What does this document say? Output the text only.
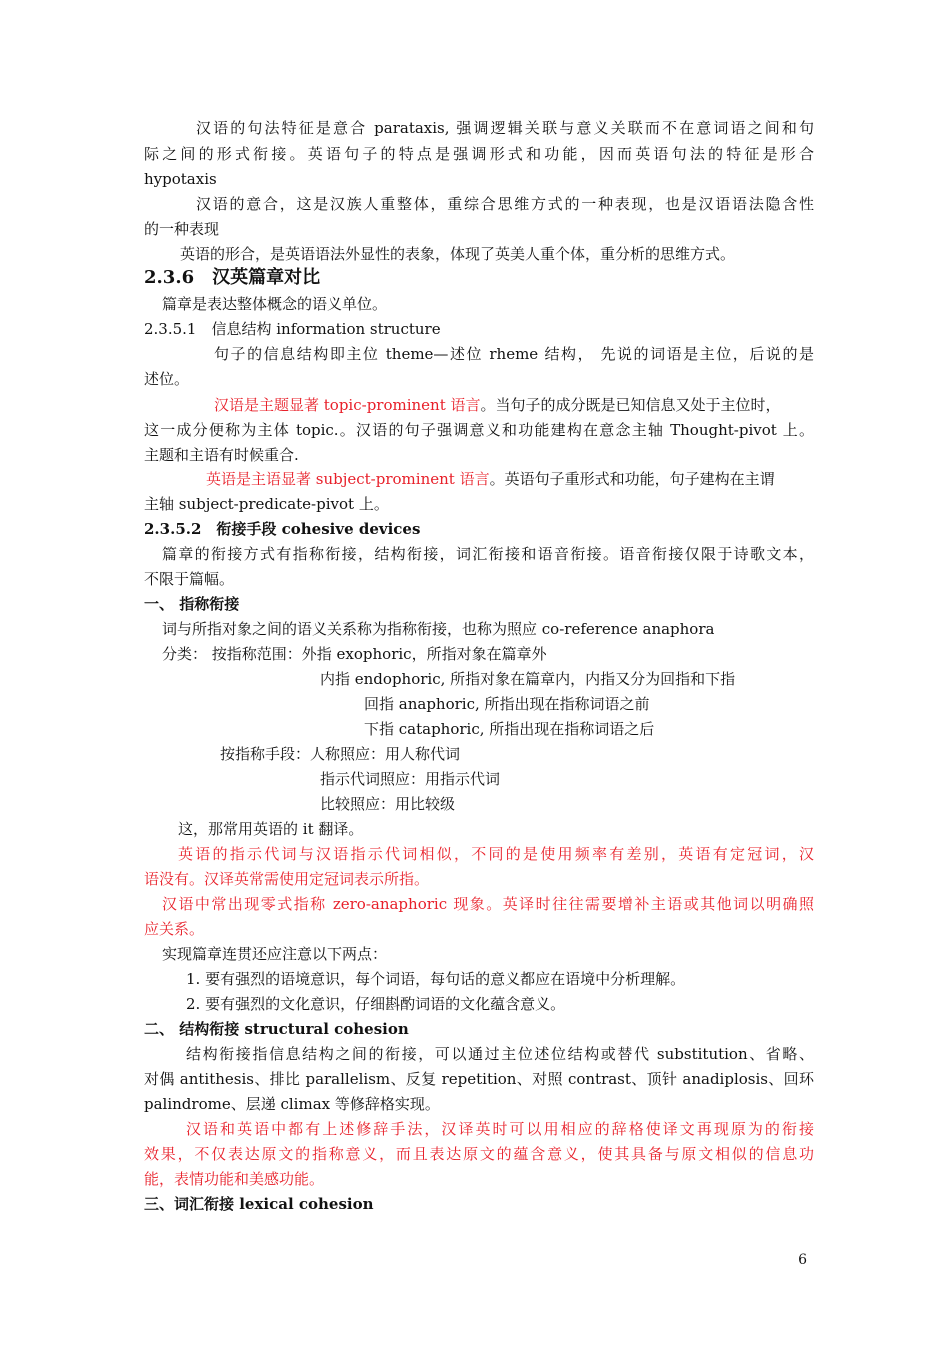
汉语的句法特征是意合 parataxis, 强调逻辑关联与意义关联而不在意词语之间和句
际之间的形式衔接。英语句子的特点是强调形式和功能，因而英语句法的特征是形合
hypotaxis
汉语的意合，这是汉族人重整体，重综合思维方式的一种表现，也是汉语语法隐含性
的一种表现
英语的形合，是英语语法外显性的表象，体现了英美人重个体，重分析的思维方式。
2.3.6　汉英篇章对比
篇章是表达整体概念的语义单位。
2.3.5.1　信息结构 information structure
句子的信息结构即主位 theme—述位 rheme 结构， 先说的词语是主位，后说的是
述位。
汉语是主题显著 topic-prominent 语言。当句子的成分既是已知信息又处于主位时，
这一成分便称为主体 topic.。汉语的句子强调意义和功能建构在意念主轴 Thought-pivot 上。
主题和主语有时候重合.
英语是主语显著 subject-prominent 语言。英语句子重形式和功能，句子建构在主谓
主轴 subject-predicate-pivot 上。
2.3.5.2　衔接手段 cohesive devices
篇章的衔接方式有指称衔接，结构衔接，词汇衔接和语音衔接。语音衔接仅限于诗歌文本，
不限于篇幅。
一、 指称衔接
词与所指对象之间的语义关系称为指称衔接，也称为照应 co-reference anaphora
分类： 按指称范围：外指 exophoric，所指对象在篇章外
内指 endophoric, 所指对象在篇章内，内指又分为回指和下指
回指 anaphoric, 所指出现在指称词语之前
下指 cataphoric, 所指出现在指称词语之后
按指称手段：人称照应：用人称代词
指示代词照应：用指示代词
比较照应：用比较级
这，那常用英语的 it 翻译。
英语的指示代词与汉语指示代词相似，不同的是使用频率有差别，英语有定冠词，汉
语没有。汉译英常需使用定冠词表示所指。
汉语中常出现零式指称 zero-anaphoric 现象。英译时往往需要增补主语或其他词以明确照
应关系。
实现篇章连贯还应注意以下两点：
1. 要有强烈的语境意识，每个词语，每句话的意义都应在语境中分析理解。
2. 要有强烈的文化意识，仔细斟酌词语的文化蕴含意义。
二、 结构衔接 structural cohesion
结构衔接指信息结构之间的衔接，可以通过主位述位结构或替代 substitution、省略、
对偶 antithesis、排比 parallelism、反复 repetition、对照 contrast、顶针 anadiplosis、回环
palindrome、层递 climax 等修辞格实现。
汉语和英语中都有上述修辞手法，汉译英时可以用相应的辞格使译文再现原为的衔接
效果，不仅表达原文的指称意义，而且表达原文的蕴含意义，使其具备与原文相似的信息功
能，表情功能和美感功能。
三、词汇衔接 lexical cohesion
6
